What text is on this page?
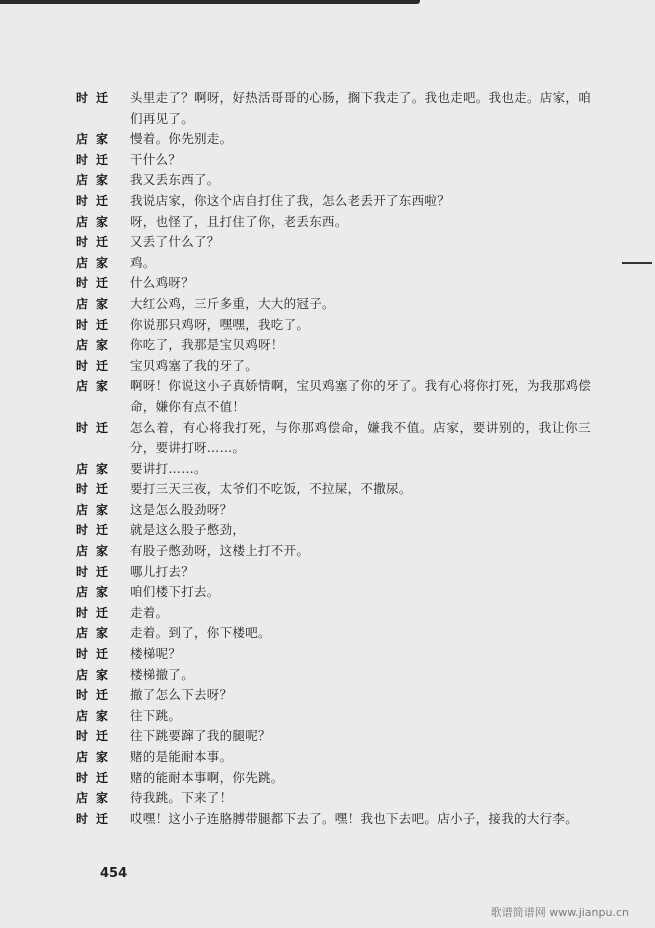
时迁	头里走了？啊呀，好热活哥哥的心肠，搁下我走了。我也走吧。我也走。店家，咱们再见了。
店家	慢着。你先别走。
时迁	干什么？
店家	我又丢东西了。
时迁	我说店家，你这个店自打住了我，怎么老丢开了东西啦？
店家	呀，也怪了，且打住了你，老丢东西。
时迁	又丢了什么了？
店家	鸡。
时迁	什么鸡呀？
店家	大红公鸡，三斤多重，大大的冠子。
时迁	你说那只鸡呀，嘿嘿，我吃了。
店家	你吃了，我那是宝贝鸡呀！
时迁	宝贝鸡塞了我的牙了。
店家	啊呀！你说这小子真娇情啊，宝贝鸡塞了你的牙了。我有心将你打死，为我那鸡偿命，嫌你有点不值！
时迁	怎么着，有心将我打死，与你那鸡偿命，嫌我不值。店家，要讲别的，我让你三分，要讲打呀……。
店家	要讲打……。
时迁	要打三天三夜，太爷们不吃饭，不拉屎，不撒尿。
店家	这是怎么股劲呀？
时迁	就是这么股子憋劲，
店家	有股子憋劲呀，这楼上打不开。
时迁	哪儿打去？
店家	咱们楼下打去。
时迁	走着。
店家	走着。到了，你下楼吧。
时迁	楼梯呢？
店家	楼梯撤了。
时迁	撤了怎么下去呀？
店家	往下跳。
时迁	往下跳要蹿了我的腿呢？
店家	赌的是能耐本事。
时迁	赌的能耐本事啊，你先跳。
店家	待我跳。下来了！
时迁	哎嘿！这小子连胳膊带腿都下去了。嘿！我也下去吧。店小子，接我的大行李。
454
歌谱简谱网 www.jianpu.cn
